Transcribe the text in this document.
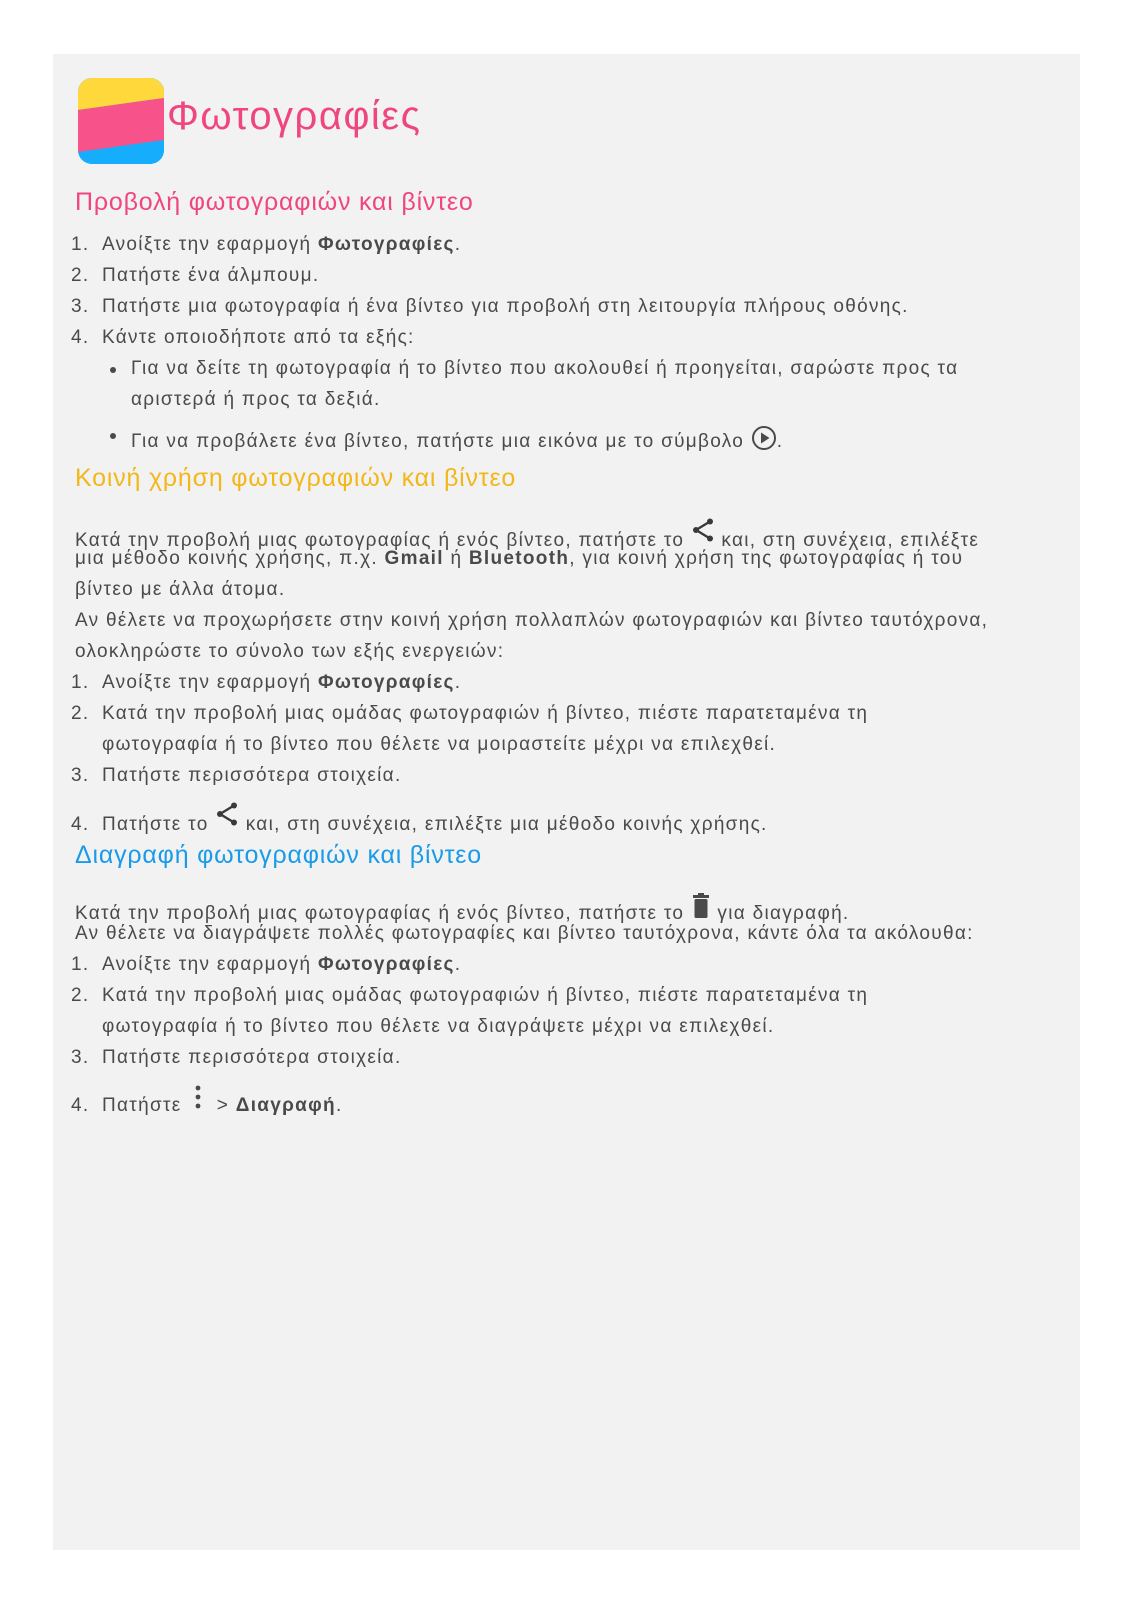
Φωτογραφίες
Προβολή φωτογραφιών και βίντεο
1. Ανοίξτε την εφαρμογή Φωτογραφίες.
2. Πατήστε ένα άλμπουμ.
3. Πατήστε μια φωτογραφία ή ένα βίντεο για προβολή στη λειτουργία πλήρους οθόνης.
4. Κάντε οποιοδήποτε από τα εξής:
Για να δείτε τη φωτογραφία ή το βίντεο που ακολουθεί ή προηγείται, σαρώστε προς τα
αριστερά ή προς τα δεξιά.
Για να προβάλετε ένα βίντεο, πατήστε μια εικόνα με το σύμβολο
.
Κοινή χρήση φωτογραφιών και βίντεο
Κατά την προβολή μιας φωτογραφίας ή ενός βίντεο, πατήστε το
και, στη συνέχεια, επιλέξτε
μια μέθοδο κοινής χρήσης, π.χ. Gmail ή Bluetooth, για κοινή χρήση της φωτογραφίας ή του
βίντεο με άλλα άτομα.
Αν θέλετε να προχωρήσετε στην κοινή χρήση πολλαπλών φωτογραφιών και βίντεο ταυτόχρονα,
ολοκληρώστε το σύνολο των εξής ενεργειών:
1. Ανοίξτε την εφαρμογή Φωτογραφίες.
2. Κατά την προβολή μιας ομάδας φωτογραφιών ή βίντεο, πιέστε παρατεταμένα τη
φωτογραφία ή το βίντεο που θέλετε να μοιραστείτε μέχρι να επιλεχθεί.
3. Πατήστε περισσότερα στοιχεία.
4. Πατήστε το
και, στη συνέχεια, επιλέξτε μια μέθοδο κοινής χρήσης.
Διαγραφή φωτογραφιών και βίντεο
Κατά την προβολή μιας φωτογραφίας ή ενός βίντεο, πατήστε το
για διαγραφή.
Αν θέλετε να διαγράψετε πολλές φωτογραφίες και βίντεο ταυτόχρονα, κάντε όλα τα ακόλουθα:
1. Ανοίξτε την εφαρμογή Φωτογραφίες.
2. Κατά την προβολή μιας ομάδας φωτογραφιών ή βίντεο, πιέστε παρατεταμένα τη
φωτογραφία ή το βίντεο που θέλετε να διαγράψετε μέχρι να επιλεχθεί.
3. Πατήστε περισσότερα στοιχεία.
4. Πατήστε
> Διαγραφή.
